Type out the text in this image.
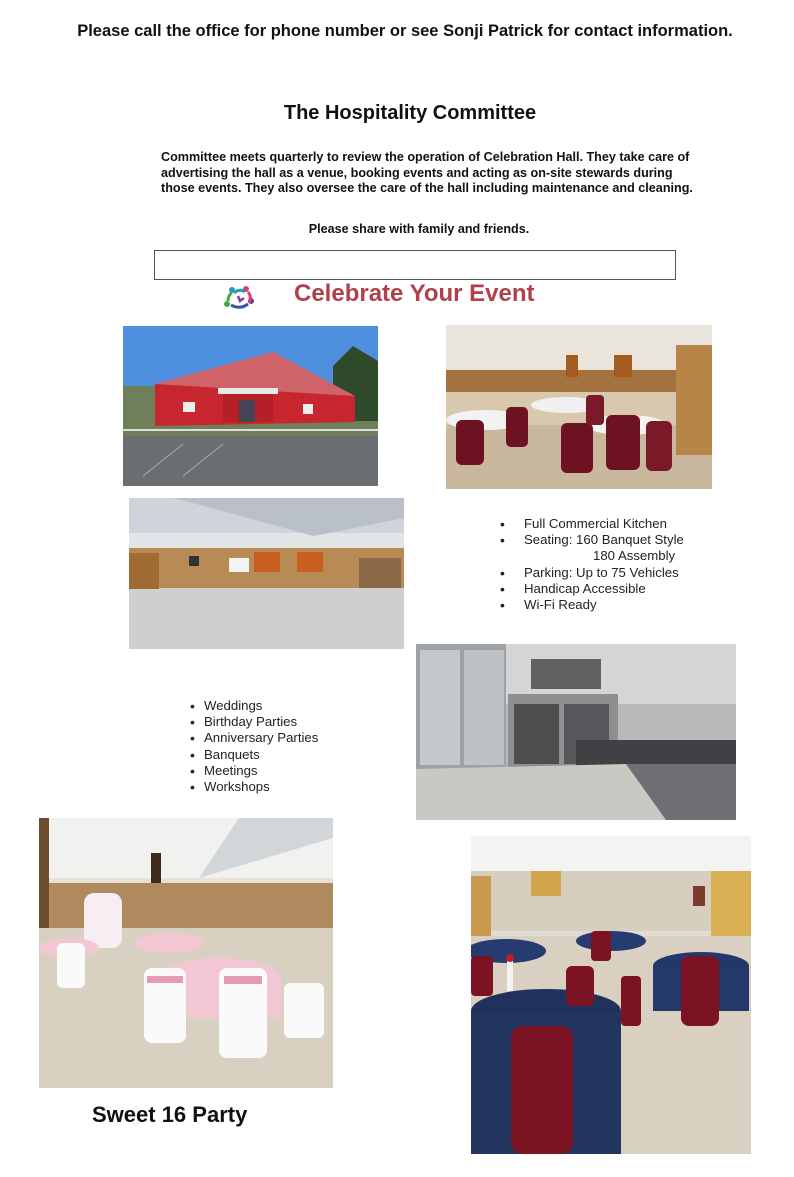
Please call the office for phone number or see Sonji Patrick for contact information.

The Hospitality Committee

Committee meets quarterly to review the operation of Celebration Hall. They take care of advertising the hall as a venue, booking events and acting as on-site stewards during those events. They also oversee the care of the hall including maintenance and cleaning.

Please share with family and friends.

Celebrate Your Event
• Full Commercial Kitchen
• Seating: 160 Banquet Style
180 Assembly
• Parking: Up to 75 Vehicles
• Handicap Accessible
• Wi-Fi Ready
• Weddings
• Birthday Parties
• Anniversary Parties
• Banquets
• Meetings
• Workshops

Sweet 16 Party
